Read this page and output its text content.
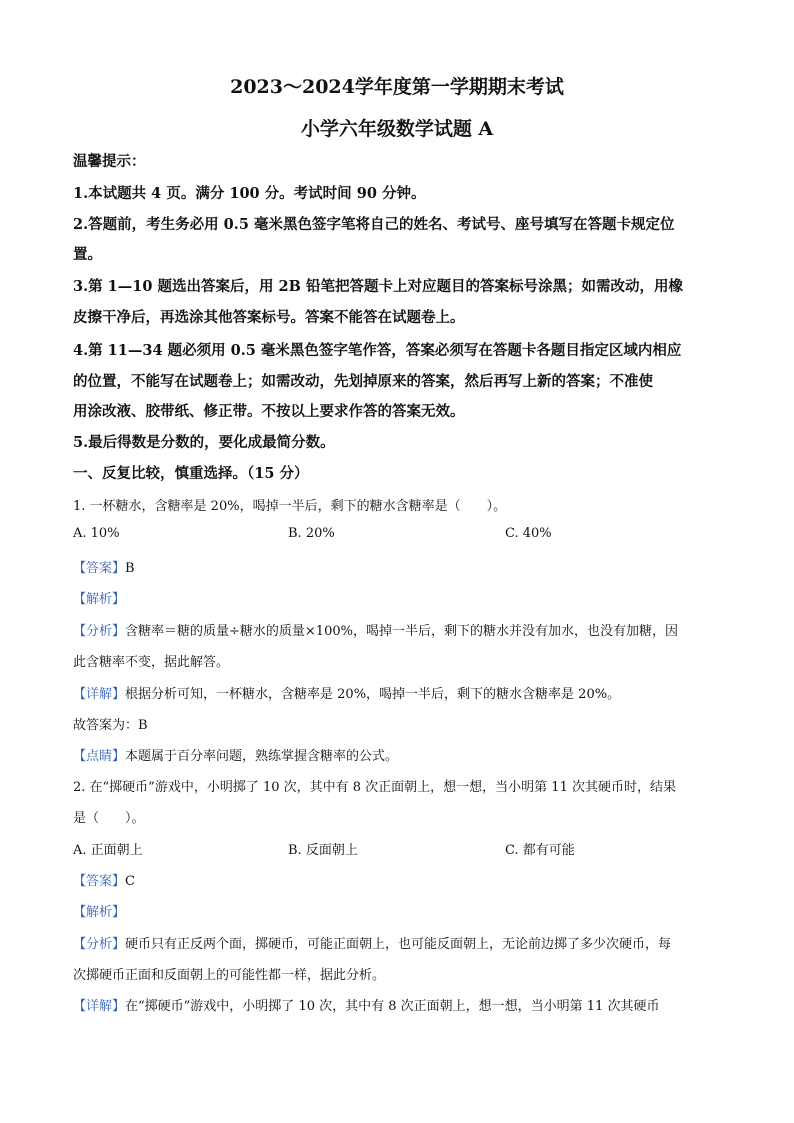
2023～2024学年度第一学期期末考试
小学六年级数学试题 A
温馨提示：
1.本试题共 4 页。满分 100 分。考试时间 90 分钟。
2.答题前，考生务必用 0.5 毫米黑色签字笔将自己的姓名、考试号、座号填写在答题卡规定位
置。
3.第 1—10 题选出答案后，用 2B 铅笔把答题卡上对应题目的答案标号涂黑；如需改动，用橡
皮擦干净后，再选涂其他答案标号。答案不能答在试题卷上。
4.第 11—34 题必须用 0.5 毫米黑色签字笔作答，答案必须写在答题卡各题目指定区域内相应
的位置，不能写在试题卷上；如需改动，先划掉原来的答案，然后再写上新的答案；不准使
用涂改液、胶带纸、修正带。不按以上要求作答的答案无效。
5.最后得数是分数的，要化成最简分数。
一、反复比较，慎重选择。（15 分）
1. 一杯糖水，含糖率是 20%，喝掉一半后，剩下的糖水含糖率是（　　）。
A. 10%	B. 20%	C. 40%
【答案】B
【解析】
【分析】含糖率＝糖的质量÷糖水的质量×100%，喝掉一半后，剩下的糖水并没有加水，也没有加糖，因
此含糖率不变，据此解答。
【详解】根据分析可知，一杯糖水，含糖率是 20%，喝掉一半后，剩下的糖水含糖率是 20%。
故答案为：B
【点睛】本题属于百分率问题，熟练掌握含糖率的公式。
2. 在“掷硬币”游戏中，小明掷了 10 次，其中有 8 次正面朝上，想一想，当小明第 11 次其硬币时，结果
是（　　）。
A. 正面朝上	B. 反面朝上	C. 都有可能
【答案】C
【解析】
【分析】硬币只有正反两个面，掷硬币，可能正面朝上，也可能反面朝上，无论前边掷了多少次硬币，每
次掷硬币正面和反面朝上的可能性都一样，据此分析。
【详解】在“掷硬币”游戏中，小明掷了 10 次，其中有 8 次正面朝上，想一想，当小明第 11 次其硬币
